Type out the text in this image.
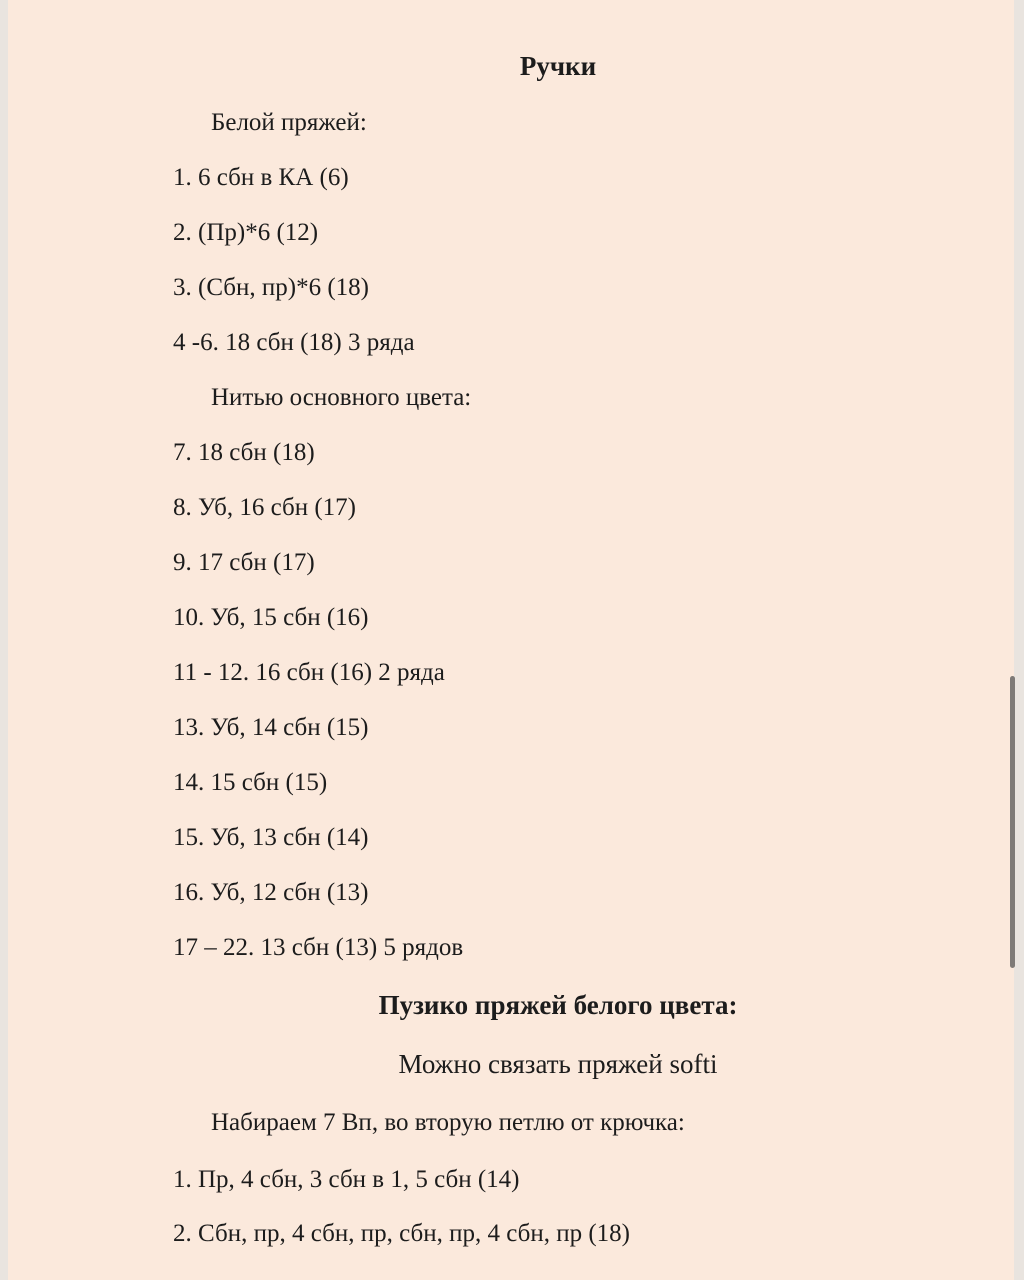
Ручки
Белой пряжей:
1. 6 сбн в КА (6)
2. (Пр)*6 (12)
3. (Сбн, пр)*6 (18)
4 -6. 18 сбн (18) 3 ряда
Нитью основного цвета:
7. 18 сбн (18)
8. Уб, 16 сбн (17)
9. 17 сбн (17)
10. Уб, 15 сбн (16)
11 - 12. 16 сбн (16) 2 ряда
13. Уб, 14 сбн (15)
14. 15 сбн (15)
15. Уб, 13 сбн (14)
16. Уб, 12 сбн (13)
17 – 22. 13 сбн (13) 5 рядов
Пузико пряжей белого цвета:
Можно связать пряжей softi
Набираем 7 Вп, во вторую петлю от крючка:
1. Пр, 4 сбн, 3 сбн в 1, 5 сбн (14)
2. Сбн, пр, 4 сбн, пр, сбн, пр, 4 сбн, пр (18)
